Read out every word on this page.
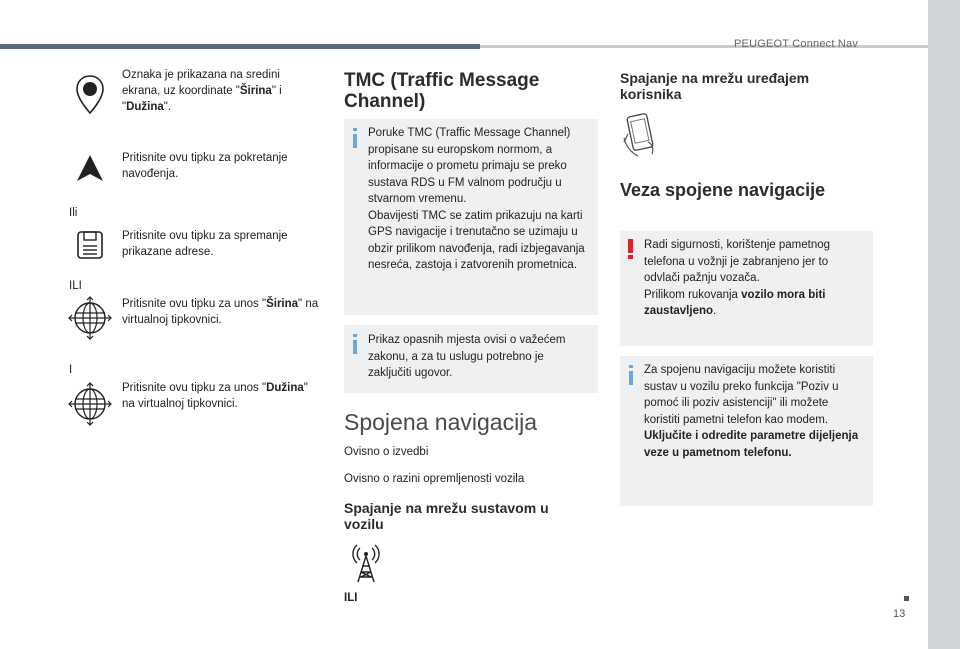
PEUGEOT Connect Nav
13
Oznaka je prikazana na sredini ekrana, uz koordinate "Širina" i "Dužina".
Pritisnite ovu tipku za pokretanje navođenja.
Ili
Pritisnite ovu tipku za spremanje prikazane adrese.
ILI
Pritisnite ovu tipku za unos "Širina" na virtualnoj tipkovnici.
I
Pritisnite ovu tipku za unos "Dužina" na virtualnoj tipkovnici.
TMC (Traffic Message Channel)
Poruke TMC (Traffic Message Channel) propisane su europskom normom, a informacije o prometu primaju se preko sustava RDS u FM valnom području u stvarnom vremenu.
Obavijesti TMC se zatim prikazuju na karti GPS navigacije i trenutačno se uzimaju u obzir prilikom navođenja, radi izbjegavanja nesreća, zastoja i zatvorenih prometnica.
Prikaz opasnih mjesta ovisi o važećem zakonu, a za tu uslugu potrebno je zaključiti ugovor.
Spojena navigacija
Ovisno o izvedbi
Ovisno o razini opremljenosti vozila
Spajanje na mrežu sustavom u vozilu
ILI
Spajanje na mrežu uređajem korisnika
Veza spojene navigacije
Radi sigurnosti, korištenje pametnog telefona u vožnji je zabranjeno jer to odvlači pažnju vozača.
Prilikom rukovanja vozilo mora biti zaustavljeno.
Za spojenu navigaciju možete koristiti sustav u vozilu preko funkcija "Poziv u pomoć ili poziv asistenciji" ili možete koristiti pametni telefon kao modem.
Uključite i odredite parametre dijeljenja veze u pametnom telefonu.
